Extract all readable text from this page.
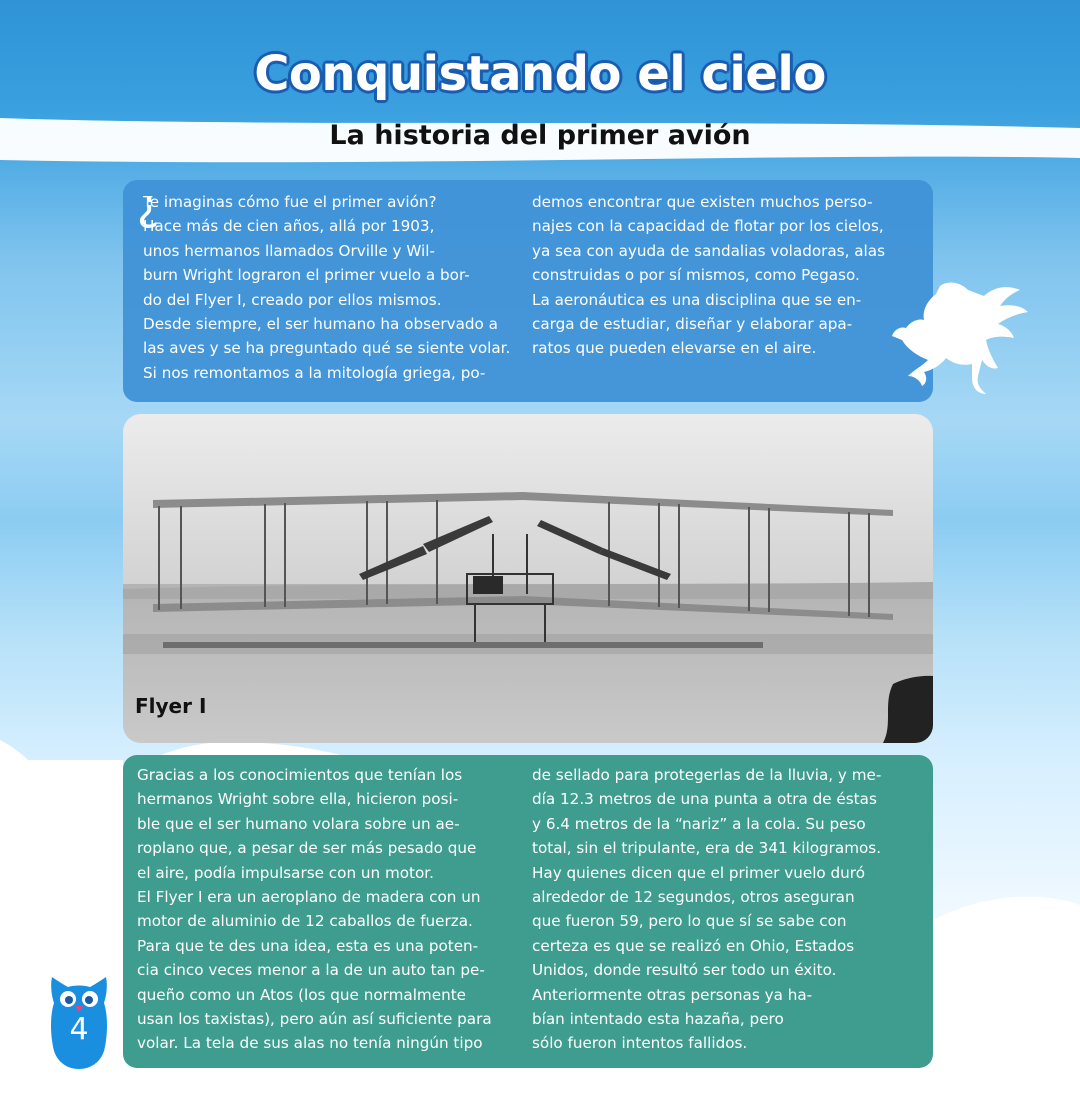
Conquistando el cielo
La historia del primer avión
¿
Te imaginas cómo fue el primer avión?
Hace más de cien años, allá por 1903,
unos hermanos llamados Orville y Wil-
burn Wright lograron el primer vuelo a bor-
do del Flyer I, creado por ellos mismos.
Desde siempre, el ser humano ha observado a
las aves y se ha preguntado qué se siente volar.
Si nos remontamos a la mitología griega, po-
demos encontrar que existen muchos perso-
najes con la capacidad de flotar por los cielos,
ya sea con ayuda de sandalias voladoras, alas
construidas o por sí mismos, como Pegaso.
La aeronáutica es una disciplina que se en-
carga de estudiar, diseñar y elaborar apa-
ratos que pueden elevarse en el aire.
Flyer I
Gracias a los conocimientos que tenían los
hermanos Wright sobre ella, hicieron posi-
ble que el ser humano volara sobre un ae-
roplano que, a pesar de ser más pesado que
el aire, podía impulsarse con un motor.
El Flyer I era un aeroplano de madera con un
motor de aluminio de 12 caballos de fuerza.
Para que te des una idea, esta es una poten-
cia cinco veces menor a la de un auto tan pe-
queño como un Atos (los que normalmente
usan los taxistas), pero aún así suficiente para
volar. La tela de sus alas no tenía ningún tipo
de sellado para protegerlas de la lluvia, y me-
día 12.3 metros de una punta a otra de éstas
y 6.4 metros de la “nariz” a la cola. Su peso
total, sin el tripulante, era de 341 kilogramos.
Hay quienes dicen que el primer vuelo duró
alrededor de 12 segundos, otros aseguran
que fueron 59, pero lo que sí se sabe con
certeza es que se realizó en Ohio, Estados
Unidos, donde resultó ser todo un éxito.
Anteriormente otras personas ya ha-
bían intentado esta hazaña, pero
sólo fueron intentos fallidos.
4
